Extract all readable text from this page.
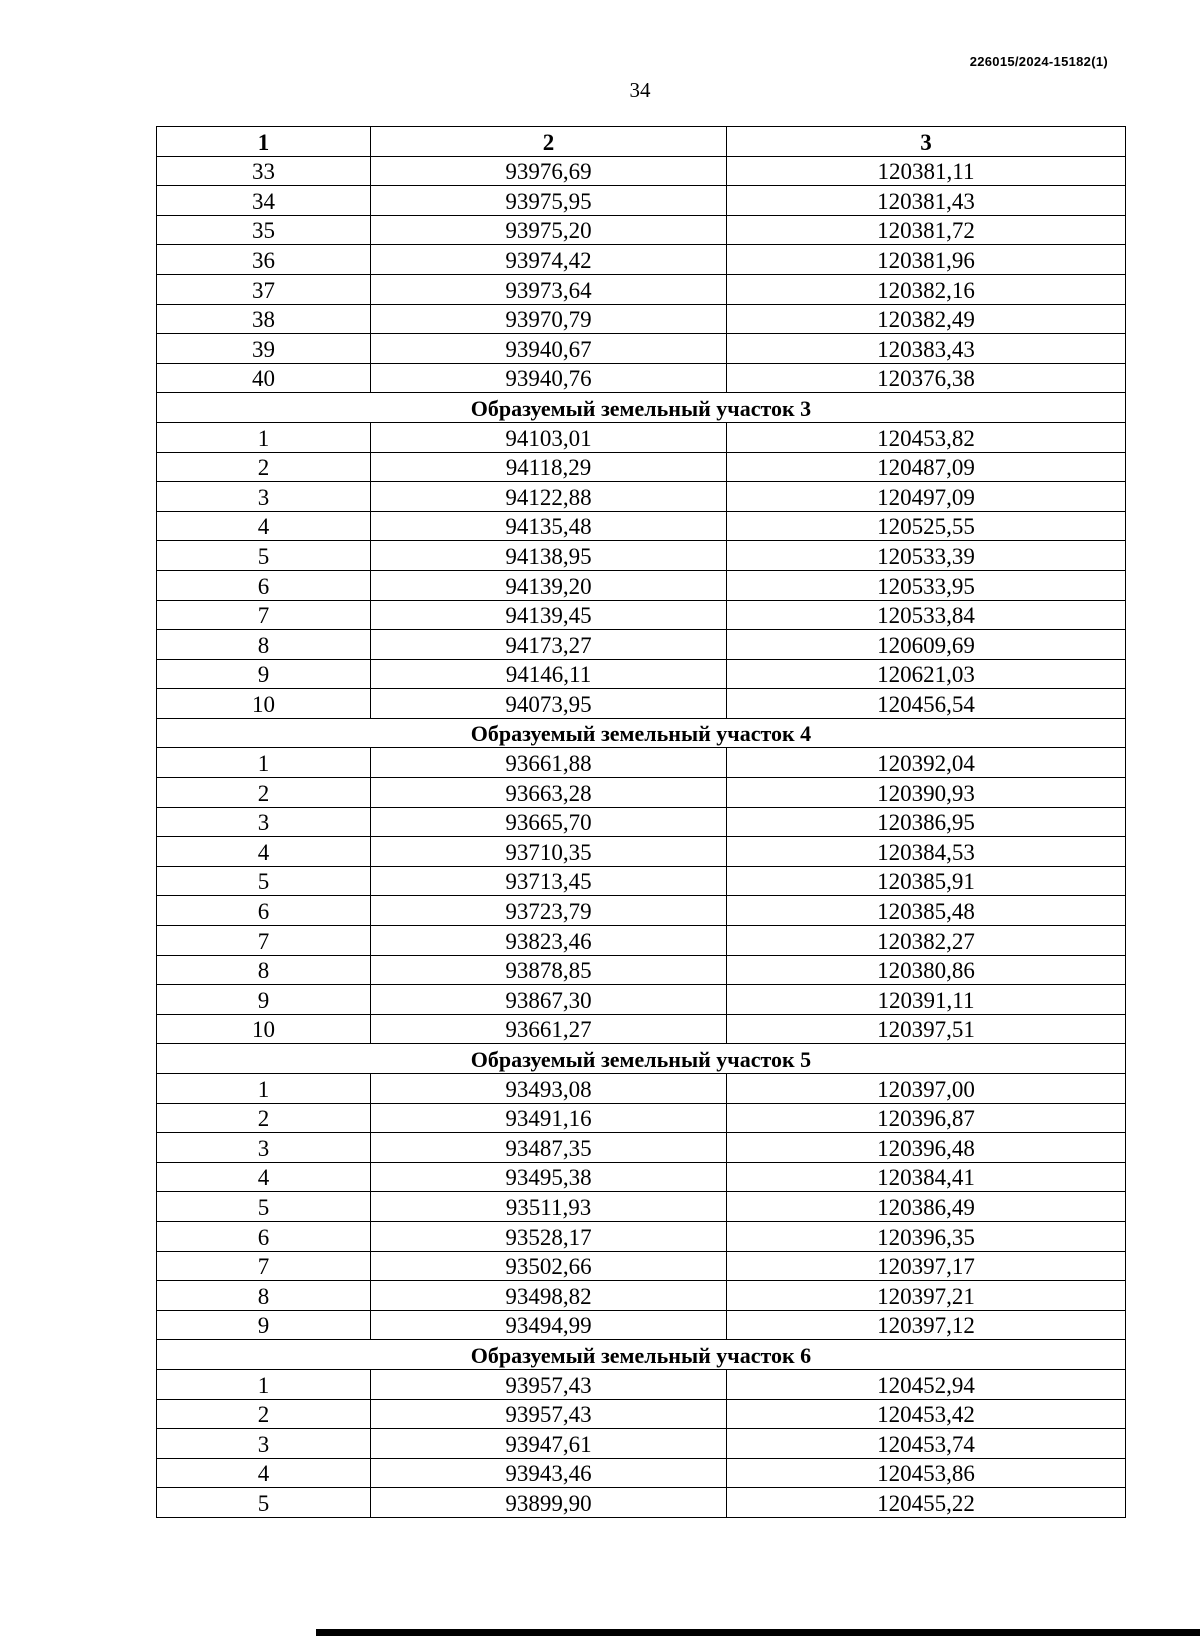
226015/2024-15182(1)
34
1	2	3
33	93976,69	120381,11
34	93975,95	120381,43
35	93975,20	120381,72
36	93974,42	120381,96
37	93973,64	120382,16
38	93970,79	120382,49
39	93940,67	120383,43
40	93940,76	120376,38
Образуемый земельный участок 3		
1	94103,01	120453,82
2	94118,29	120487,09
3	94122,88	120497,09
4	94135,48	120525,55
5	94138,95	120533,39
6	94139,20	120533,95
7	94139,45	120533,84
8	94173,27	120609,69
9	94146,11	120621,03
10	94073,95	120456,54
Образуемый земельный участок 4		
1	93661,88	120392,04
2	93663,28	120390,93
3	93665,70	120386,95
4	93710,35	120384,53
5	93713,45	120385,91
6	93723,79	120385,48
7	93823,46	120382,27
8	93878,85	120380,86
9	93867,30	120391,11
10	93661,27	120397,51
Образуемый земельный участок 5		
1	93493,08	120397,00
2	93491,16	120396,87
3	93487,35	120396,48
4	93495,38	120384,41
5	93511,93	120386,49
6	93528,17	120396,35
7	93502,66	120397,17
8	93498,82	120397,21
9	93494,99	120397,12
Образуемый земельный участок 6		
1	93957,43	120452,94
2	93957,43	120453,42
3	93947,61	120453,74
4	93943,46	120453,86
5	93899,90	120455,22
